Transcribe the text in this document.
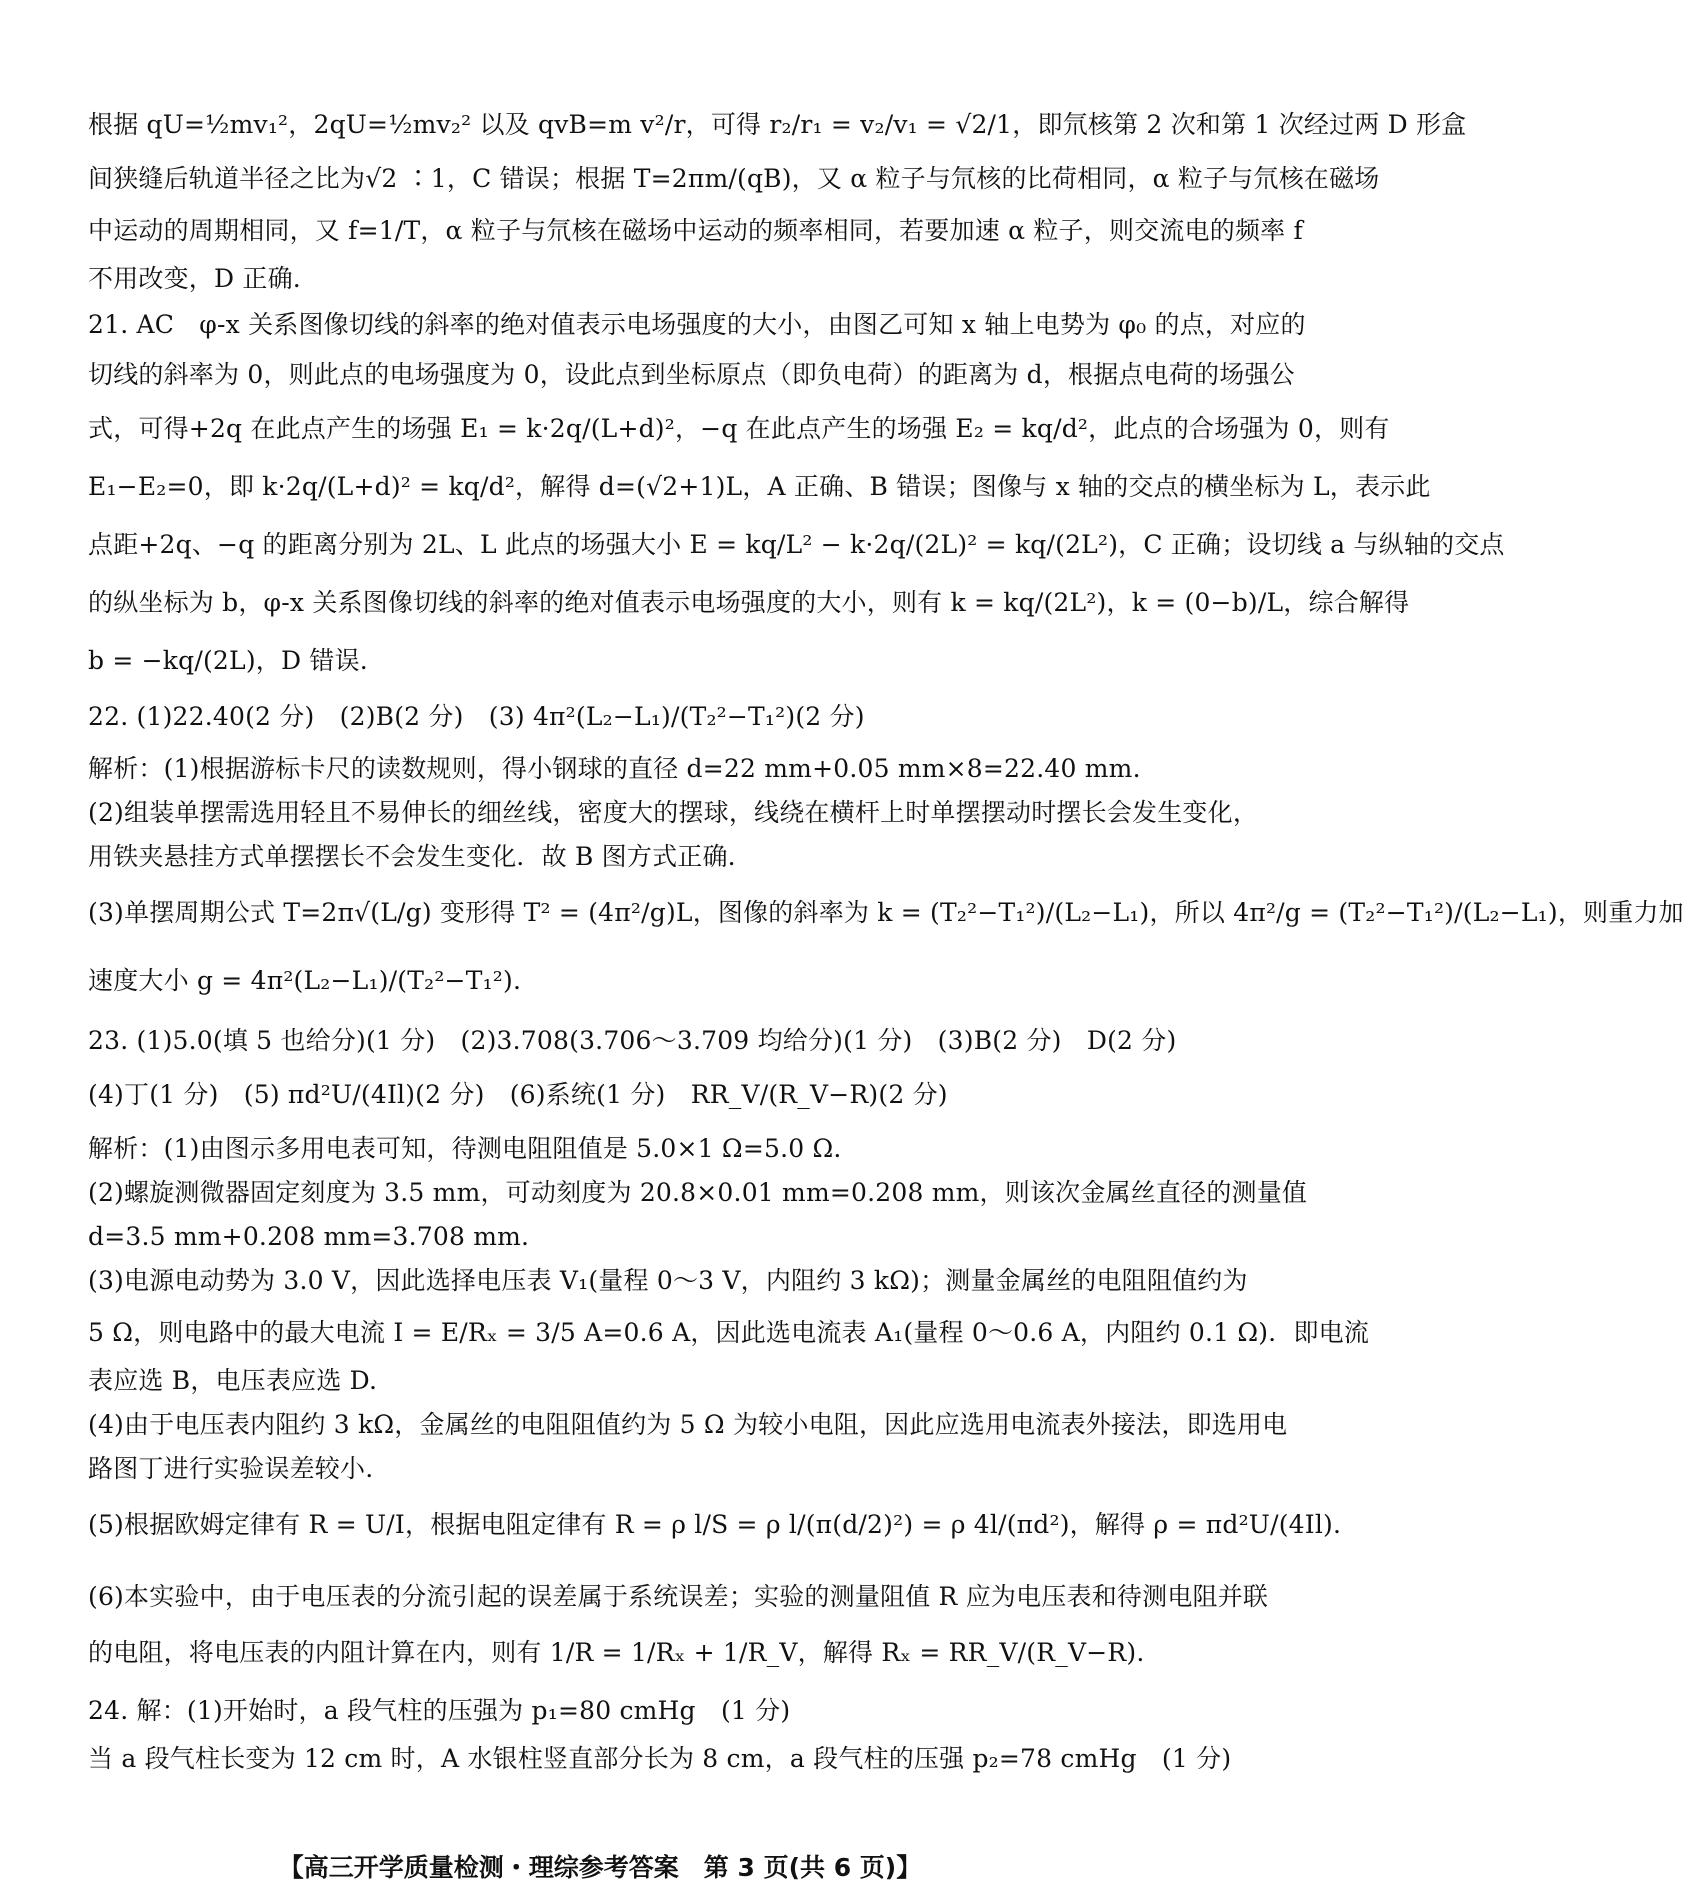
根据 qU=½mv₁²，2qU=½mv₂² 以及 qvB=m v²/r，可得 r₂/r₁ = v₂/v₁ = √2/1，即氘核第 2 次和第 1 次经过两 D 形盒
间狭缝后轨道半径之比为√2 ∶1，C 错误；根据 T=2πm/(qB)，又 α 粒子与氘核的比荷相同，α 粒子与氘核在磁场
中运动的周期相同，又 f=1/T，α 粒子与氘核在磁场中运动的频率相同，若要加速 α 粒子，则交流电的频率 f
不用改变，D 正确.
21. AC　φ-x 关系图像切线的斜率的绝对值表示电场强度的大小，由图乙可知 x 轴上电势为 φ₀ 的点，对应的
切线的斜率为 0，则此点的电场强度为 0，设此点到坐标原点（即负电荷）的距离为 d，根据点电荷的场强公
式，可得+2q 在此点产生的场强 E₁ = k·2q/(L+d)²，−q 在此点产生的场强 E₂ = kq/d²，此点的合场强为 0，则有
E₁−E₂=0，即 k·2q/(L+d)² = kq/d²，解得 d=(√2+1)L，A 正确、B 错误；图像与 x 轴的交点的横坐标为 L，表示此
点距+2q、−q 的距离分别为 2L、L 此点的场强大小 E = kq/L² − k·2q/(2L)² = kq/(2L²)，C 正确；设切线 a 与纵轴的交点
的纵坐标为 b，φ-x 关系图像切线的斜率的绝对值表示电场强度的大小，则有 k = kq/(2L²)，k = (0−b)/L，综合解得
b = −kq/(2L)，D 错误.
22. (1)22.40(2 分)　(2)B(2 分)　(3) 4π²(L₂−L₁)/(T₂²−T₁²)(2 分)
解析：(1)根据游标卡尺的读数规则，得小钢球的直径 d=22 mm+0.05 mm×8=22.40 mm.
(2)组装单摆需选用轻且不易伸长的细丝线，密度大的摆球，线绕在横杆上时单摆摆动时摆长会发生变化，
用铁夹悬挂方式单摆摆长不会发生变化．故 B 图方式正确.
(3)单摆周期公式 T=2π√(L/g) 变形得 T² = (4π²/g)L，图像的斜率为 k = (T₂²−T₁²)/(L₂−L₁)，所以 4π²/g = (T₂²−T₁²)/(L₂−L₁)，则重力加
速度大小 g = 4π²(L₂−L₁)/(T₂²−T₁²).
23. (1)5.0(填 5 也给分)(1 分)　(2)3.708(3.706～3.709 均给分)(1 分)　(3)B(2 分)　D(2 分)
(4)丁(1 分)　(5) πd²U/(4Il)(2 分)　(6)系统(1 分)　RR_V/(R_V−R)(2 分)
解析：(1)由图示多用电表可知，待测电阻阻值是 5.0×1 Ω=5.0 Ω.
(2)螺旋测微器固定刻度为 3.5 mm，可动刻度为 20.8×0.01 mm=0.208 mm，则该次金属丝直径的测量值
d=3.5 mm+0.208 mm=3.708 mm.
(3)电源电动势为 3.0 V，因此选择电压表 V₁(量程 0～3 V，内阻约 3 kΩ)；测量金属丝的电阻阻值约为
5 Ω，则电路中的最大电流 I = E/Rₓ = 3/5 A=0.6 A，因此选电流表 A₁(量程 0～0.6 A，内阻约 0.1 Ω)．即电流
表应选 B，电压表应选 D.
(4)由于电压表内阻约 3 kΩ，金属丝的电阻阻值约为 5 Ω 为较小电阻，因此应选用电流表外接法，即选用电
路图丁进行实验误差较小.
(5)根据欧姆定律有 R = U/I，根据电阻定律有 R = ρ l/S = ρ l/(π(d/2)²) = ρ 4l/(πd²)，解得 ρ = πd²U/(4Il).
(6)本实验中，由于电压表的分流引起的误差属于系统误差；实验的测量阻值 R 应为电压表和待测电阻并联
的电阻，将电压表的内阻计算在内，则有 1/R = 1/Rₓ + 1/R_V，解得 Rₓ = RR_V/(R_V−R).
24. 解：(1)开始时，a 段气柱的压强为 p₁=80 cmHg　(1 分)
当 a 段气柱长变为 12 cm 时，A 水银柱竖直部分长为 8 cm，a 段气柱的压强 p₂=78 cmHg　(1 分)
【高三开学质量检测・理综参考答案　第 3 页(共 6 页)】
